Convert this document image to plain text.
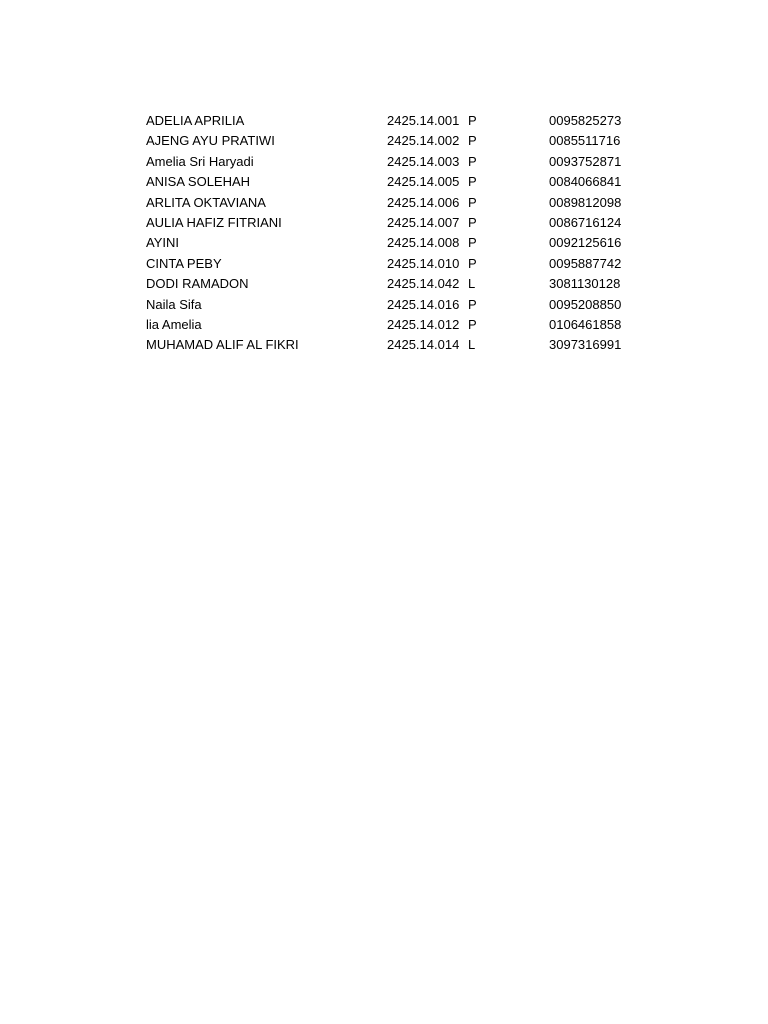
ADELIA APRILIA	2425.14.001 P	0095825273
AJENG AYU PRATIWI	2425.14.002 P	0085511716
Amelia Sri Haryadi	2425.14.003 P	0093752871
ANISA SOLEHAH	2425.14.005 P	0084066841
ARLITA OKTAVIANA	2425.14.006 P	0089812098
AULIA HAFIZ FITRIANI	2425.14.007 P	0086716124
AYINI	2425.14.008 P	0092125616
CINTA PEBY	2425.14.010 P	0095887742
DODI RAMADON	2425.14.042 L	3081130128
Naila Sifa	2425.14.016 P	0095208850
lia Amelia	2425.14.012 P	0106461858
MUHAMAD ALIF AL FIKRI	2425.14.014 L	3097316991
